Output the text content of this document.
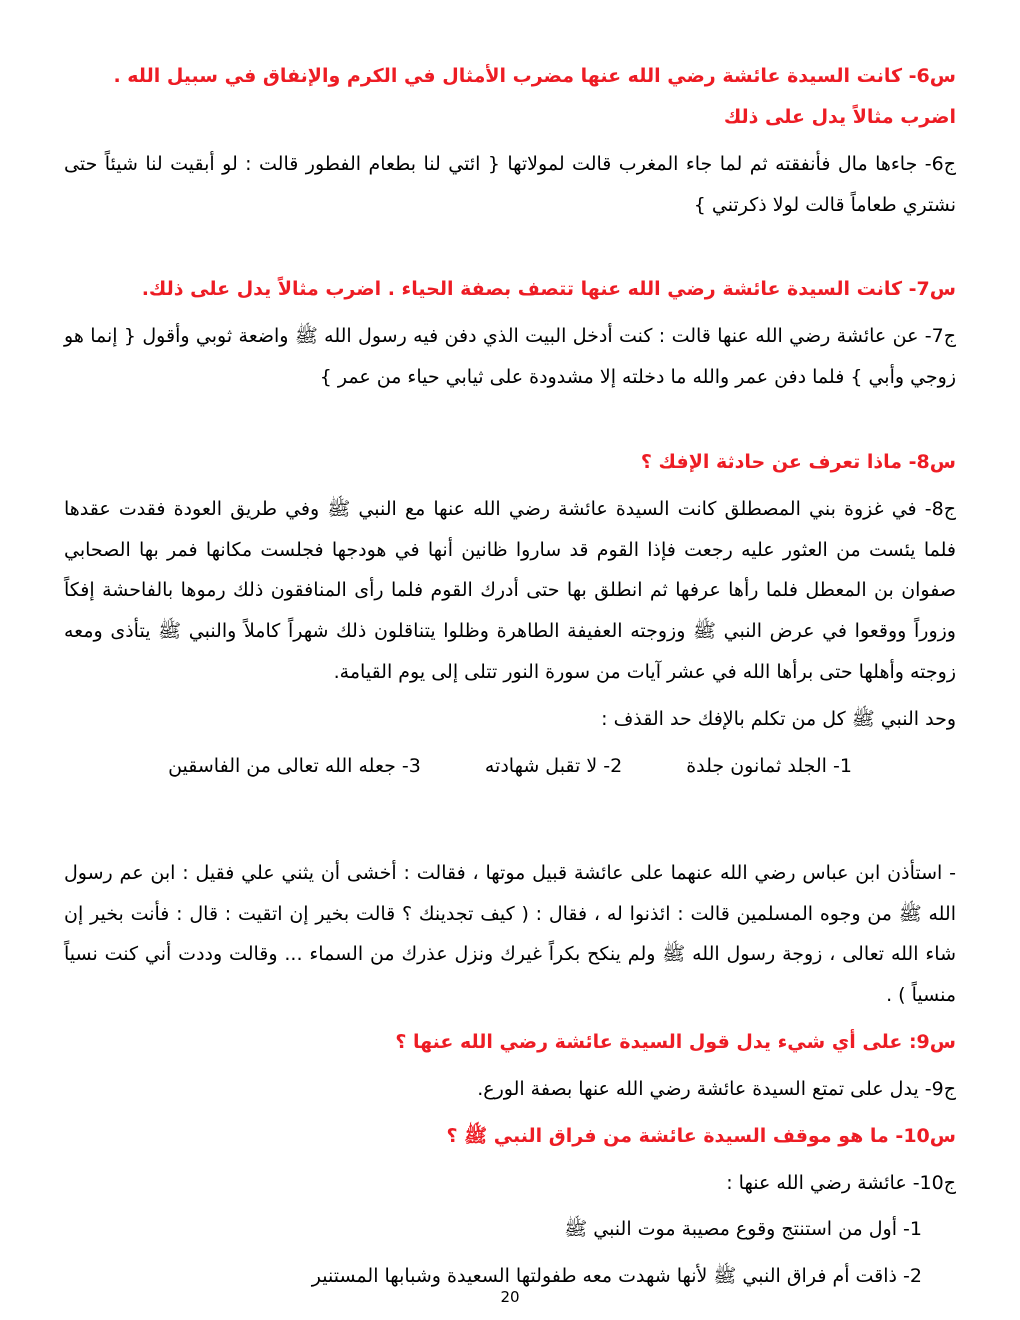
س6- كانت السيدة عائشة رضي الله عنها مضرب الأمثال في الكرم والإنفاق في سبيل الله . اضرب مثالاً يدل على ذلك

ج6- جاءها مال فأنفقته ثم لما جاء المغرب قالت لمولاتها { ائتي لنا بطعام الفطور قالت : لو أبقيت لنا شيئاً حتى نشتري طعاماً قالت لولا ذكرتني }

س7- كانت السيدة عائشة رضي الله عنها تتصف بصفة الحياء . اضرب مثالاً يدل على ذلك.

ج7- عن عائشة رضي الله عنها قالت : كنت أدخل البيت الذي دفن فيه رسول الله ﷺ واضعة ثوبي وأقول { إنما هو زوجي وأبي } فلما دفن عمر والله ما دخلته إلا مشدودة على ثيابي حياء من عمر }

س8- ماذا تعرف عن حادثة الإفك ؟

ج8- في غزوة بني المصطلق كانت السيدة عائشة رضي الله عنها مع النبي ﷺ وفي طريق العودة فقدت عقدها فلما يئست من العثور عليه رجعت فإذا القوم قد ساروا ظانين أنها في هودجها فجلست مكانها فمر بها الصحابي صفوان بن المعطل فلما رأها عرفها ثم انطلق بها حتى أدرك القوم فلما رأى المنافقون ذلك رموها بالفاحشة إفكاً وزوراً ووقعوا في عرض النبي ﷺ وزوجته العفيفة الطاهرة وظلوا يتناقلون ذلك شهراً كاملاً والنبي ﷺ يتأذى ومعه زوجته وأهلها حتى برأها الله في عشر آيات من سورة النور تتلى إلى يوم القيامة.

وحد النبي ﷺ كل من تكلم بالإفك حد القذف :

1- الجلد ثمانون جلدة
2- لا تقبل شهادته
3- جعله الله تعالى من الفاسقين

- استأذن ابن عباس رضي الله عنهما على عائشة قبيل موتها ، فقالت : أخشى أن يثني علي فقيل : ابن عم رسول الله ﷺ من وجوه المسلمين قالت : ائذنوا له ، فقال : ( كيف تجدينك ؟ قالت بخير إن اتقيت : قال : فأنت بخير إن شاء الله تعالى ، زوجة رسول الله ﷺ ولم ينكح بكراً غيرك ونزل عذرك من السماء ... وقالت وددت أني كنت نسياً منسياً ) .

س9: على أي شيء يدل قول السيدة عائشة رضي الله عنها ؟

ج9- يدل على تمتع السيدة عائشة رضي الله عنها بصفة الورع.

س10- ما هو موقف السيدة عائشة من فراق النبي ﷺ ؟

ج10- عائشة رضي الله عنها :

1- أول من استنتج وقوع مصيبة موت النبي ﷺ

2- ذاقت أم فراق النبي ﷺ لأنها شهدت معه طفولتها السعيدة وشبابها المستنير

20
